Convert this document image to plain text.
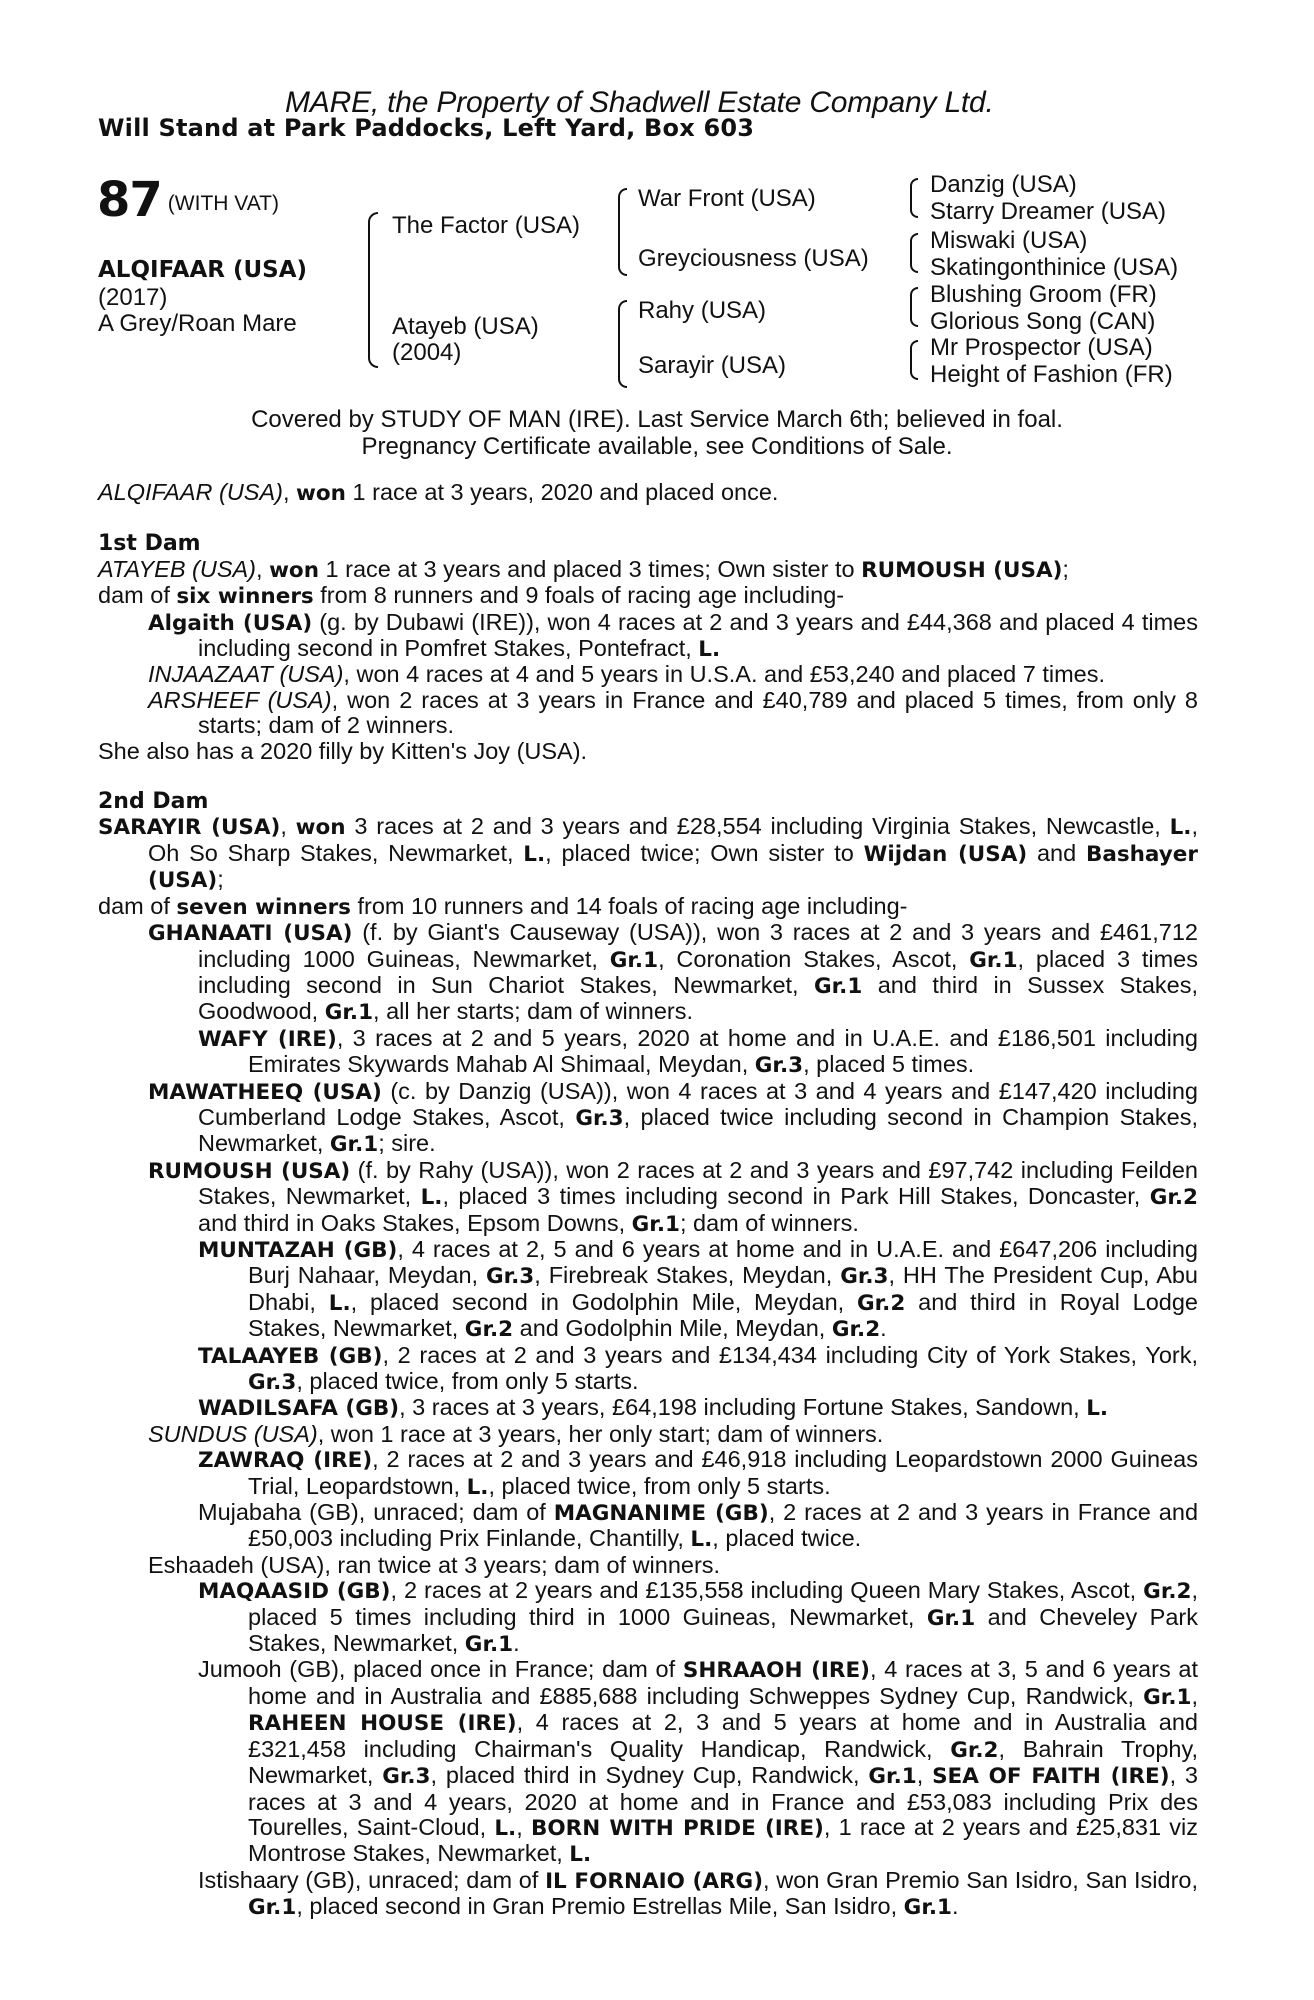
MARE, the Property of Shadwell Estate Company Ltd.
Will Stand at Park Paddocks, Left Yard, Box 603
87 (WITH VAT)
ALQIFAAR (USA)
(2017)
A Grey/Roan Mare
The Factor (USA)
Atayeb (USA)
(2004)
War Front (USA)
Greyciousness (USA)
Rahy (USA)
Sarayir (USA)
Danzig (USA)
Starry Dreamer (USA)
Miswaki (USA)
Skatingonthinice (USA)
Blushing Groom (FR)
Glorious Song (CAN)
Mr Prospector (USA)
Height of Fashion (FR)
Covered by STUDY OF MAN (IRE). Last Service March 6th; believed in foal.
Pregnancy Certificate available, see Conditions of Sale.

ALQIFAAR (USA), won 1 race at 3 years, 2020 and placed once.

1st Dam

ATAYEB (USA), won 1 race at 3 years and placed 3 times; Own sister to RUMOUSH (USA);

dam of six winners from 8 runners and 9 foals of racing age including-

Algaith (USA) (g. by Dubawi (IRE)), won 4 races at 2 and 3 years and £44,368 and placed 4 times including second in Pomfret Stakes, Pontefract, L.

INJAAZAAT (USA), won 4 races at 4 and 5 years in U.S.A. and £53,240 and placed 7 times.

ARSHEEF (USA), won 2 races at 3 years in France and £40,789 and placed 5 times, from only 8 starts; dam of 2 winners.

She also has a 2020 filly by Kitten's Joy (USA).

2nd Dam

SARAYIR (USA), won 3 races at 2 and 3 years and £28,554 including Virginia Stakes, Newcastle, L., Oh So Sharp Stakes, Newmarket, L., placed twice; Own sister to Wijdan (USA) and Bashayer (USA);

dam of seven winners from 10 runners and 14 foals of racing age including-

GHANAATI (USA) (f. by Giant's Causeway (USA)), won 3 races at 2 and 3 years and £461,712 including 1000 Guineas, Newmarket, Gr.1, Coronation Stakes, Ascot, Gr.1, placed 3 times including second in Sun Chariot Stakes, Newmarket, Gr.1 and third in Sussex Stakes, Goodwood, Gr.1, all her starts; dam of winners.

WAFY (IRE), 3 races at 2 and 5 years, 2020 at home and in U.A.E. and £186,501 including Emirates Skywards Mahab Al Shimaal, Meydan, Gr.3, placed 5 times.

MAWATHEEQ (USA) (c. by Danzig (USA)), won 4 races at 3 and 4 years and £147,420 including Cumberland Lodge Stakes, Ascot, Gr.3, placed twice including second in Champion Stakes, Newmarket, Gr.1; sire.

RUMOUSH (USA) (f. by Rahy (USA)), won 2 races at 2 and 3 years and £97,742 including Feilden Stakes, Newmarket, L., placed 3 times including second in Park Hill Stakes, Doncaster, Gr.2 and third in Oaks Stakes, Epsom Downs, Gr.1; dam of winners.

MUNTAZAH (GB), 4 races at 2, 5 and 6 years at home and in U.A.E. and £647,206 including Burj Nahaar, Meydan, Gr.3, Firebreak Stakes, Meydan, Gr.3, HH The President Cup, Abu Dhabi, L., placed second in Godolphin Mile, Meydan, Gr.2 and third in Royal Lodge Stakes, Newmarket, Gr.2 and Godolphin Mile, Meydan, Gr.2.

TALAAYEB (GB), 2 races at 2 and 3 years and £134,434 including City of York Stakes, York, Gr.3, placed twice, from only 5 starts.

WADILSAFA (GB), 3 races at 3 years, £64,198 including Fortune Stakes, Sandown, L.

SUNDUS (USA), won 1 race at 3 years, her only start; dam of winners.

ZAWRAQ (IRE), 2 races at 2 and 3 years and £46,918 including Leopardstown 2000 Guineas Trial, Leopardstown, L., placed twice, from only 5 starts.

Mujabaha (GB), unraced; dam of MAGNANIME (GB), 2 races at 2 and 3 years in France and £50,003 including Prix Finlande, Chantilly, L., placed twice.

Eshaadeh (USA), ran twice at 3 years; dam of winners.

MAQAASID (GB), 2 races at 2 years and £135,558 including Queen Mary Stakes, Ascot, Gr.2, placed 5 times including third in 1000 Guineas, Newmarket, Gr.1 and Cheveley Park Stakes, Newmarket, Gr.1.

Jumooh (GB), placed once in France; dam of SHRAAOH (IRE), 4 races at 3, 5 and 6 years at home and in Australia and £885,688 including Schweppes Sydney Cup, Randwick, Gr.1, RAHEEN HOUSE (IRE), 4 races at 2, 3 and 5 years at home and in Australia and £321,458 including Chairman's Quality Handicap, Randwick, Gr.2, Bahrain Trophy, Newmarket, Gr.3, placed third in Sydney Cup, Randwick, Gr.1, SEA OF FAITH (IRE), 3 races at 3 and 4 years, 2020 at home and in France and £53,083 including Prix des Tourelles, Saint-Cloud, L., BORN WITH PRIDE (IRE), 1 race at 2 years and £25,831 viz Montrose Stakes, Newmarket, L.

Istishaary (GB), unraced; dam of IL FORNAIO (ARG), won Gran Premio San Isidro, San Isidro, Gr.1, placed second in Gran Premio Estrellas Mile, San Isidro, Gr.1.
